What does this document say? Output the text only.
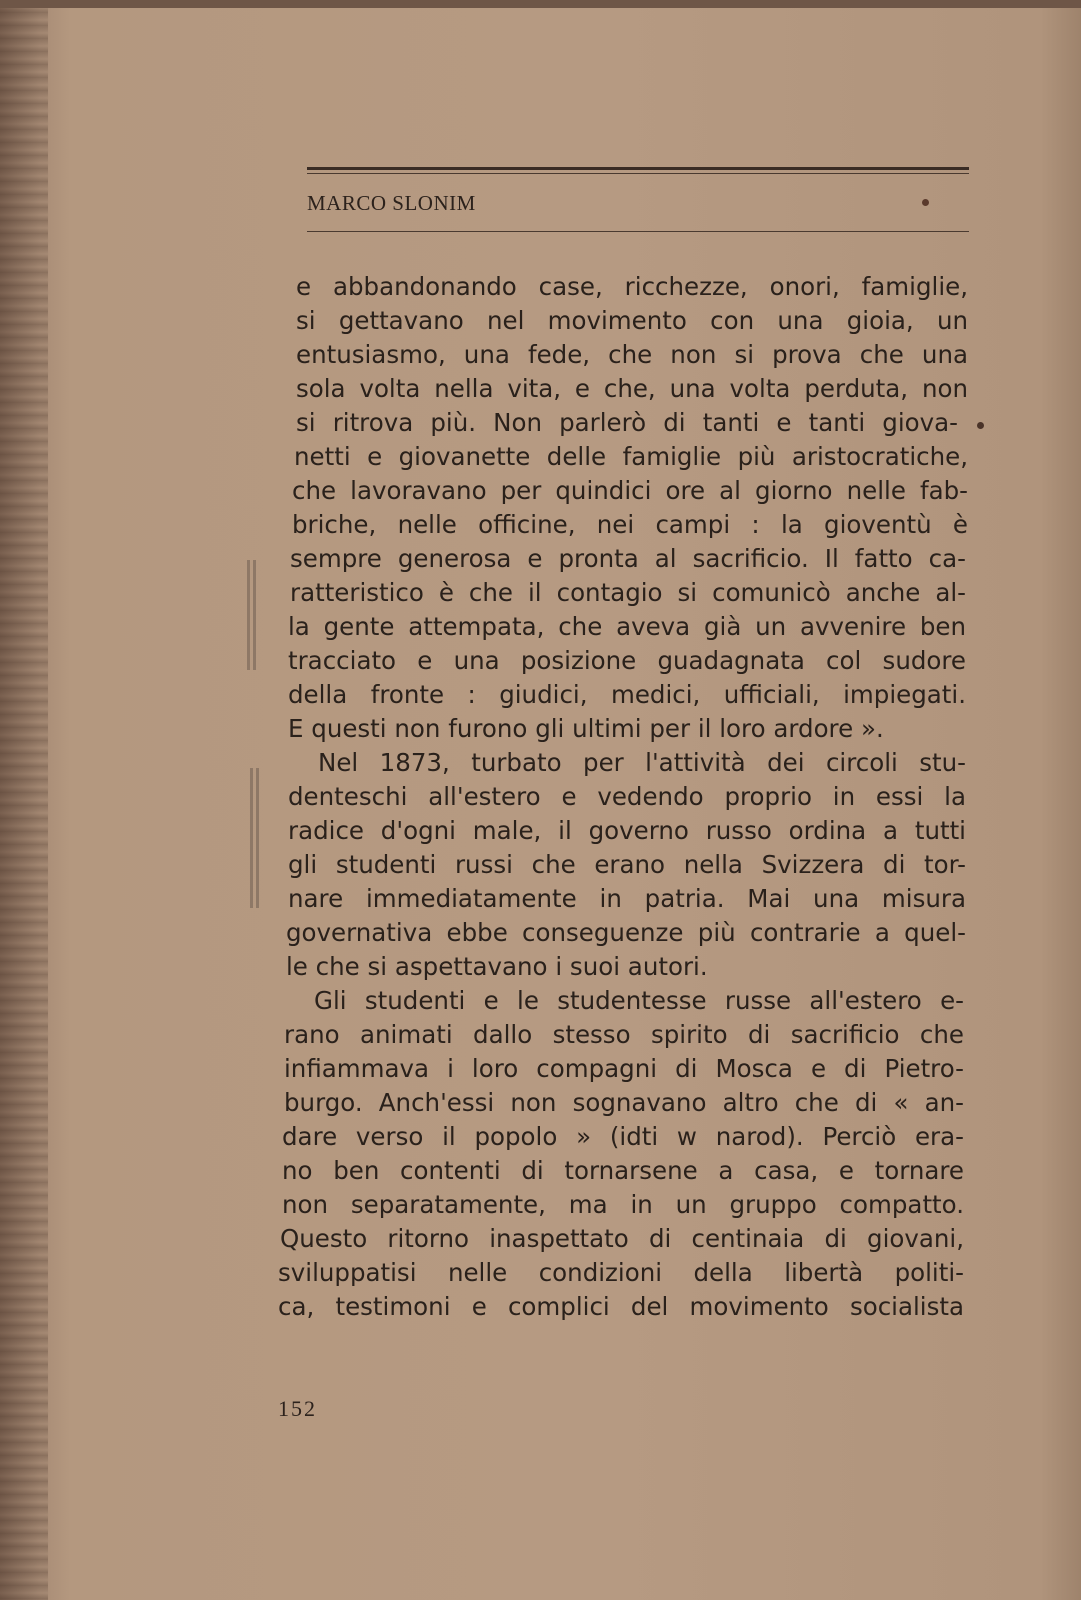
MARCO SLONIM
e abbandonando case, ricchezze, onori, famiglie,
si gettavano nel movimento con una gioia, un
entusiasmo, una fede, che non si prova che una
sola volta nella vita, e che, una volta perduta, non
si ritrova più. Non parlerò di tanti e tanti giova-
netti e giovanette delle famiglie più aristocratiche,
che lavoravano per quindici ore al giorno nelle fab-
briche, nelle officine, nei campi : la gioventù è
sempre generosa e pronta al sacrificio. Il fatto ca-
ratteristico è che il contagio si comunicò anche al-
la gente attempata, che aveva già un avvenire ben
tracciato e una posizione guadagnata col sudore
della fronte : giudici, medici, ufficiali, impiegati.
E questi non furono gli ultimi per il loro ardore ».
Nel 1873, turbato per l'attività dei circoli stu-
denteschi all'estero e vedendo proprio in essi la
radice d'ogni male, il governo russo ordina a tutti
gli studenti russi che erano nella Svizzera di tor-
nare immediatamente in patria. Mai una misura
governativa ebbe conseguenze più contrarie a quel-
le che si aspettavano i suoi autori.
Gli studenti e le studentesse russe all'estero e-
rano animati dallo stesso spirito di sacrificio che
infiammava i loro compagni di Mosca e di Pietro-
burgo. Anch'essi non sognavano altro che di « an-
dare verso il popolo » (idti w narod). Perciò era-
no ben contenti di tornarsene a casa, e tornare
non separatamente, ma in un gruppo compatto.
Questo ritorno inaspettato di centinaia di giovani,
sviluppatisi nelle condizioni della libertà politi-
ca, testimoni e complici del movimento socialista
152
